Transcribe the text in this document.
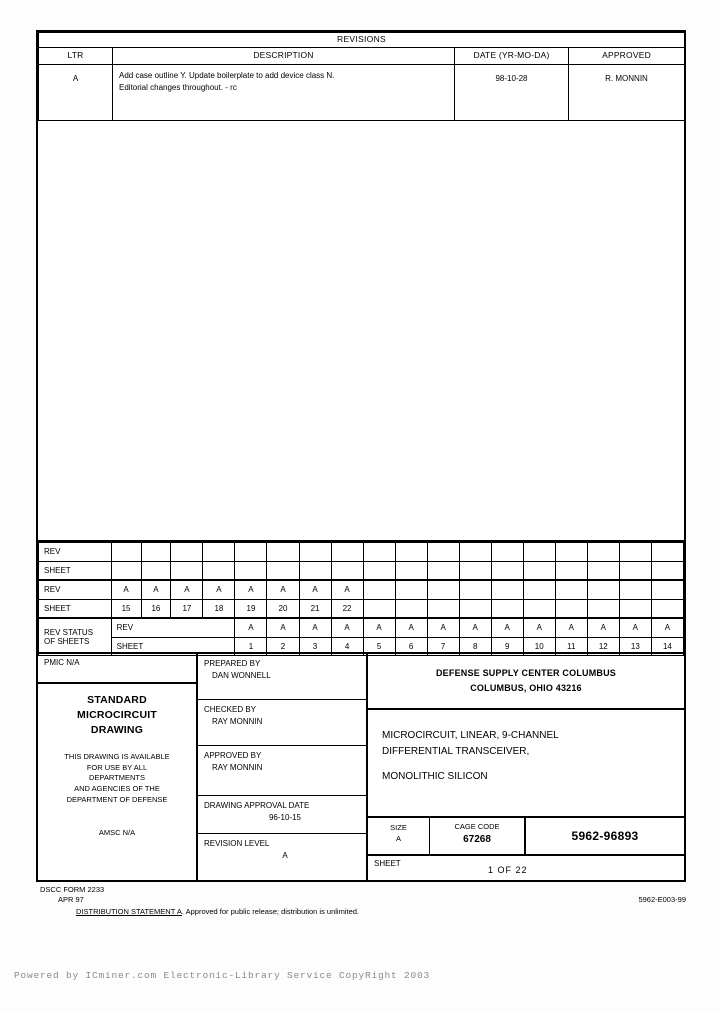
REVISIONS			
LTR	DESCRIPTION	DATE (YR-MO-DA)	APPROVED
A	Add case outline Y. Update boilerplate to add device class N.
Editorial changes throughout. - rc	98-10-28	R. MONNIN
REV																		
SHEET																		
REV	A	A	A	A	A	A	A	A										
SHEET	15	16	17	18	19	20	21	22										

REV STATUS
OF SHEETS	REV				A	A	A	A	A	A	A	A	A	A	A	A	A	A
	SHEET				1	2	3	4	5	6	7	8	9	10	11	12	13	14
PMIC N/A
STANDARD
MICROCIRCUIT
DRAWING
THIS DRAWING IS AVAILABLE
FOR USE BY ALL
DEPARTMENTS
AND AGENCIES OF THE
DEPARTMENT OF DEFENSE
AMSC N/A
PREPARED BY
DAN WONNELL
CHECKED BY
RAY MONNIN
APPROVED BY
RAY MONNIN
DRAWING APPROVAL DATE
96-10-15
REVISION LEVEL
A
DEFENSE SUPPLY CENTER COLUMBUS
COLUMBUS, OHIO 43216
MICROCIRCUIT, LINEAR, 9-CHANNEL
DIFFERENTIAL TRANSCEIVER,
MONOLITHIC SILICON
SIZE
A
CAGE CODE
67268	5962-96893
SHEET
1 OF 22
DSCC FORM 2233
APR 97
DISTRIBUTION STATEMENT A. Approved for public release; distribution is unlimited.
5962-E003-99
Powered by ICminer.com Electronic-Library Service CopyRight 2003
